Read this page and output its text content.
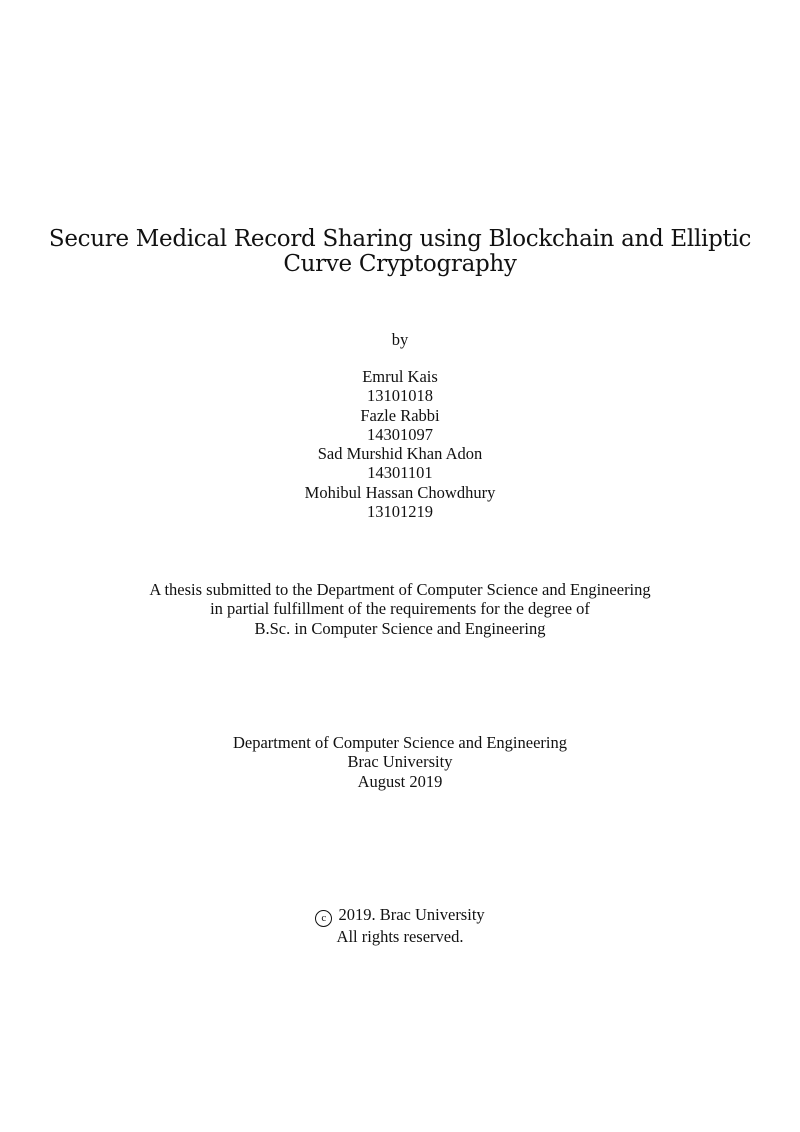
Secure Medical Record Sharing using Blockchain and Elliptic
Curve Cryptography
by
Emrul Kais
13101018
Fazle Rabbi
14301097
Sad Murshid Khan Adon
14301101
Mohibul Hassan Chowdhury
13101219
A thesis submitted to the Department of Computer Science and Engineering
in partial fulfillment of the requirements for the degree of
B.Sc. in Computer Science and Engineering
Department of Computer Science and Engineering
Brac University
August 2019
c 2019. Brac University
All rights reserved.
